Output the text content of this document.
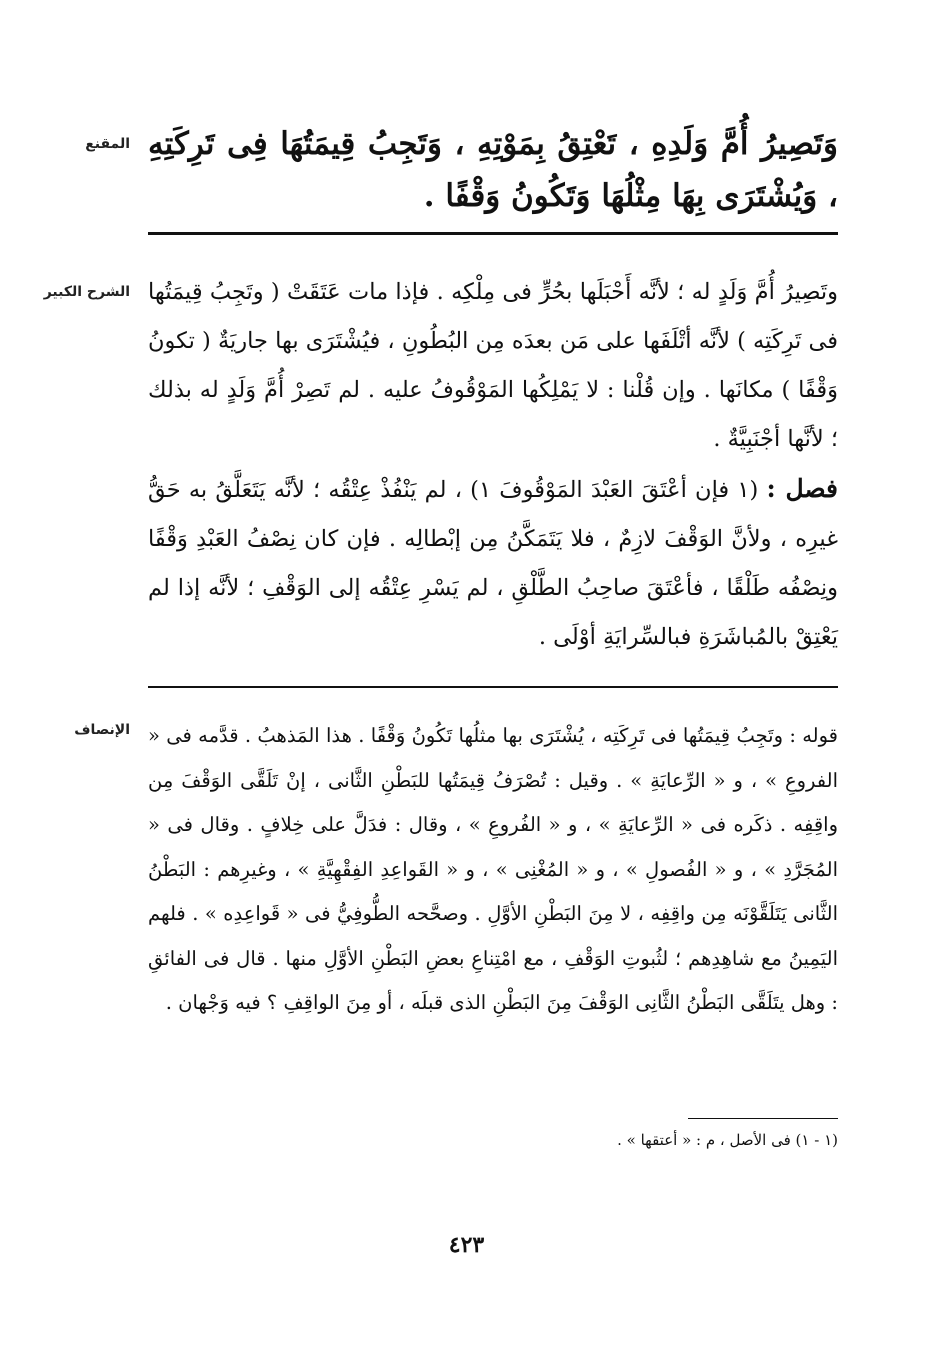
المقنع وَتَصِيرُ أُمَّ وَلَدِهِ ، تَعْتِقُ بِمَوْتِهِ ، وَتَجِبُ قِيمَتُهَا فِى تَرِكَتِهِ ، وَيُشْتَرَى بِهَا مِثْلُهَا وَتَكُونُ وَقْفًا .
الشرح الكبير وتَصِيرُ أُمَّ وَلَدٍ له ؛ لأنَّه أَحْبَلَها بحُرٍّ فى مِلْكِه . فإذا مات عَتَقَتْ ( وتَجِبُ قِيمَتُها فى تَرِكَتِه ) لأنَّه أتْلَفَها على مَن بعدَه مِن البُطُونِ ، فيُشْتَرَى بها جاريَةٌ ( تكونُ وَقْفًا ) مكانَها . وإن قُلْنا : لا يَمْلِكُها المَوْقُوفُ عليه . لم تَصِرْ أُمَّ وَلَدٍ له بذلك ؛ لأنَّها أجْنَبِيَّةٌ .

فصل : (١ فإن أعْتَقَ العَبْدَ المَوْقُوفَ ١) ، لم يَنْفُذْ عِتْقُه ؛ لأنَّه يَتَعَلَّقُ به حَقُّ غيرِه ، ولأنَّ الوَقْفَ لازِمٌ ، فلا يَتَمَكَّنُ مِن إبْطالِه . فإن كان نِصْفُ العَبْدِ وَقْفًا ونِصْفُه طَلْقًا ، فأعْتَقَ صاحِبُ الطَّلْقِ ، لم يَسْرِ عِتْقُه إلى الوَقْفِ ؛ لأنَّه إذا لم يَعْتِقْ بالمُباشَرَةِ فبالسِّرايَةِ أوْلَى .

الإنصاف قوله : وتَجِبُ قِيمَتُها فى تَرِكَتِه ، يُشْتَرَى بها مثلُها تَكُونُ وَقْفًا . هذا المَذهبُ . قدَّمه فى « الفروعِ » ، و « الرِّعايَةِ » . وقيل : تُصْرَفُ قِيمَتُها للبَطْنِ الثَّانى ، إنْ تَلَقَّى الوَقْفَ مِن واقِفِه . ذكَره فى « الرِّعايَةِ » ، و « الفُروعِ » ، وقال : فدَلَّ على خِلافٍ . وقال فى « المُجَرَّدِ » ، و « الفُصولِ » ، و « المُغْنِى » ، و « القَواعِدِ الفِقْهِيَّةِ » ، وغيرِهم : البَطْنُ الثَّانى يَتَلَقَّوْنَه مِن واقِفِه ، لا مِنَ البَطْنِ الأوَّلِ . وصحَّحه الطُّوفِيُّ فى « قَواعِدِه » . فلهم اليَمِينُ مع شاهِدِهم ؛ لثُبوتِ الوَقْفِ ، مع امْتِناعِ بعضِ البَطْنِ الأوَّلِ منها . قال فى الفائقِ : وهل يتَلَقَّى البَطْنُ الثَّانِى الوَقْفَ مِنَ البَطْنِ الذى قبلَه ، أو مِنَ الواقِفِ ؟ فيه وَجْهان .
(١ - ١) فى الأصل ، م : « أعتقها » .
٤٢٣
